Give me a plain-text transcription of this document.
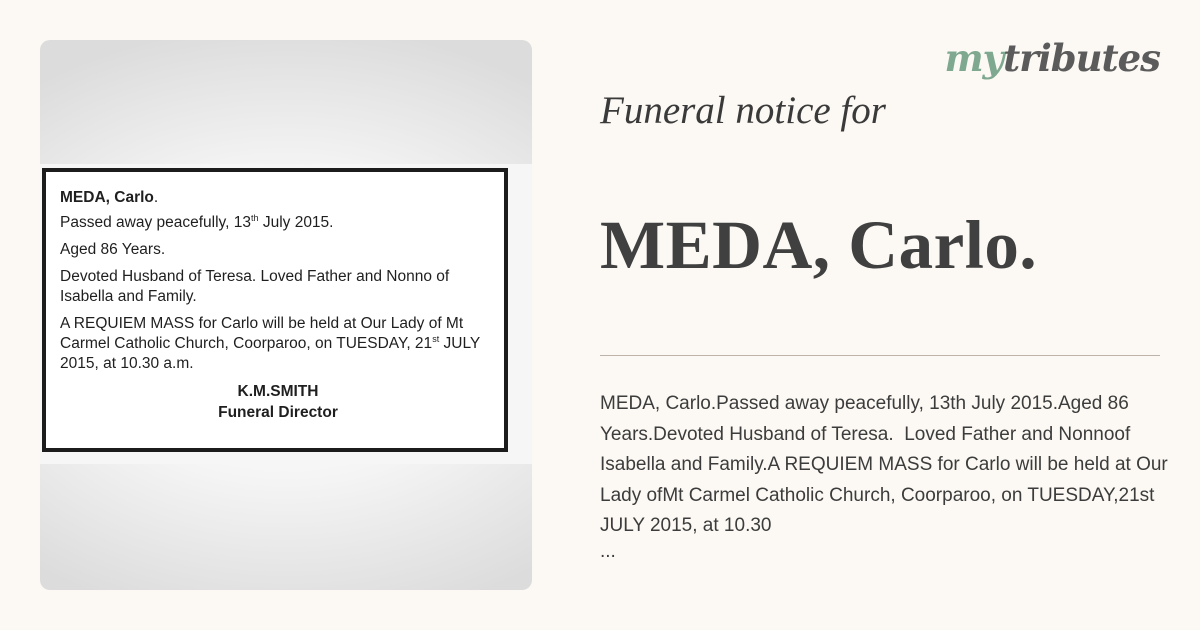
MEDA, Carlo.

Passed away peacefully, 13th July 2015.

Aged 86 Years.

Devoted Husband of Teresa. Loved Father and Nonno of Isabella and Family.

A REQUIEM MASS for Carlo will be held at Our Lady of Mt Carmel Catholic Church, Coorparoo, on TUESDAY, 21st JULY 2015, at 10.30 a.m.

K.M.SMITH
Funeral Director
mytributes
Funeral notice for
MEDA, Carlo.
MEDA, Carlo.Passed away peacefully, 13th July 2015.Aged 86 Years.Devoted Husband of Teresa.  Loved Father and Nonnoof Isabella and Family.A REQUIEM MASS for Carlo will be held at Our Lady ofMt Carmel Catholic Church, Coorparoo, on TUESDAY,21st JULY 2015, at 10.30
...
